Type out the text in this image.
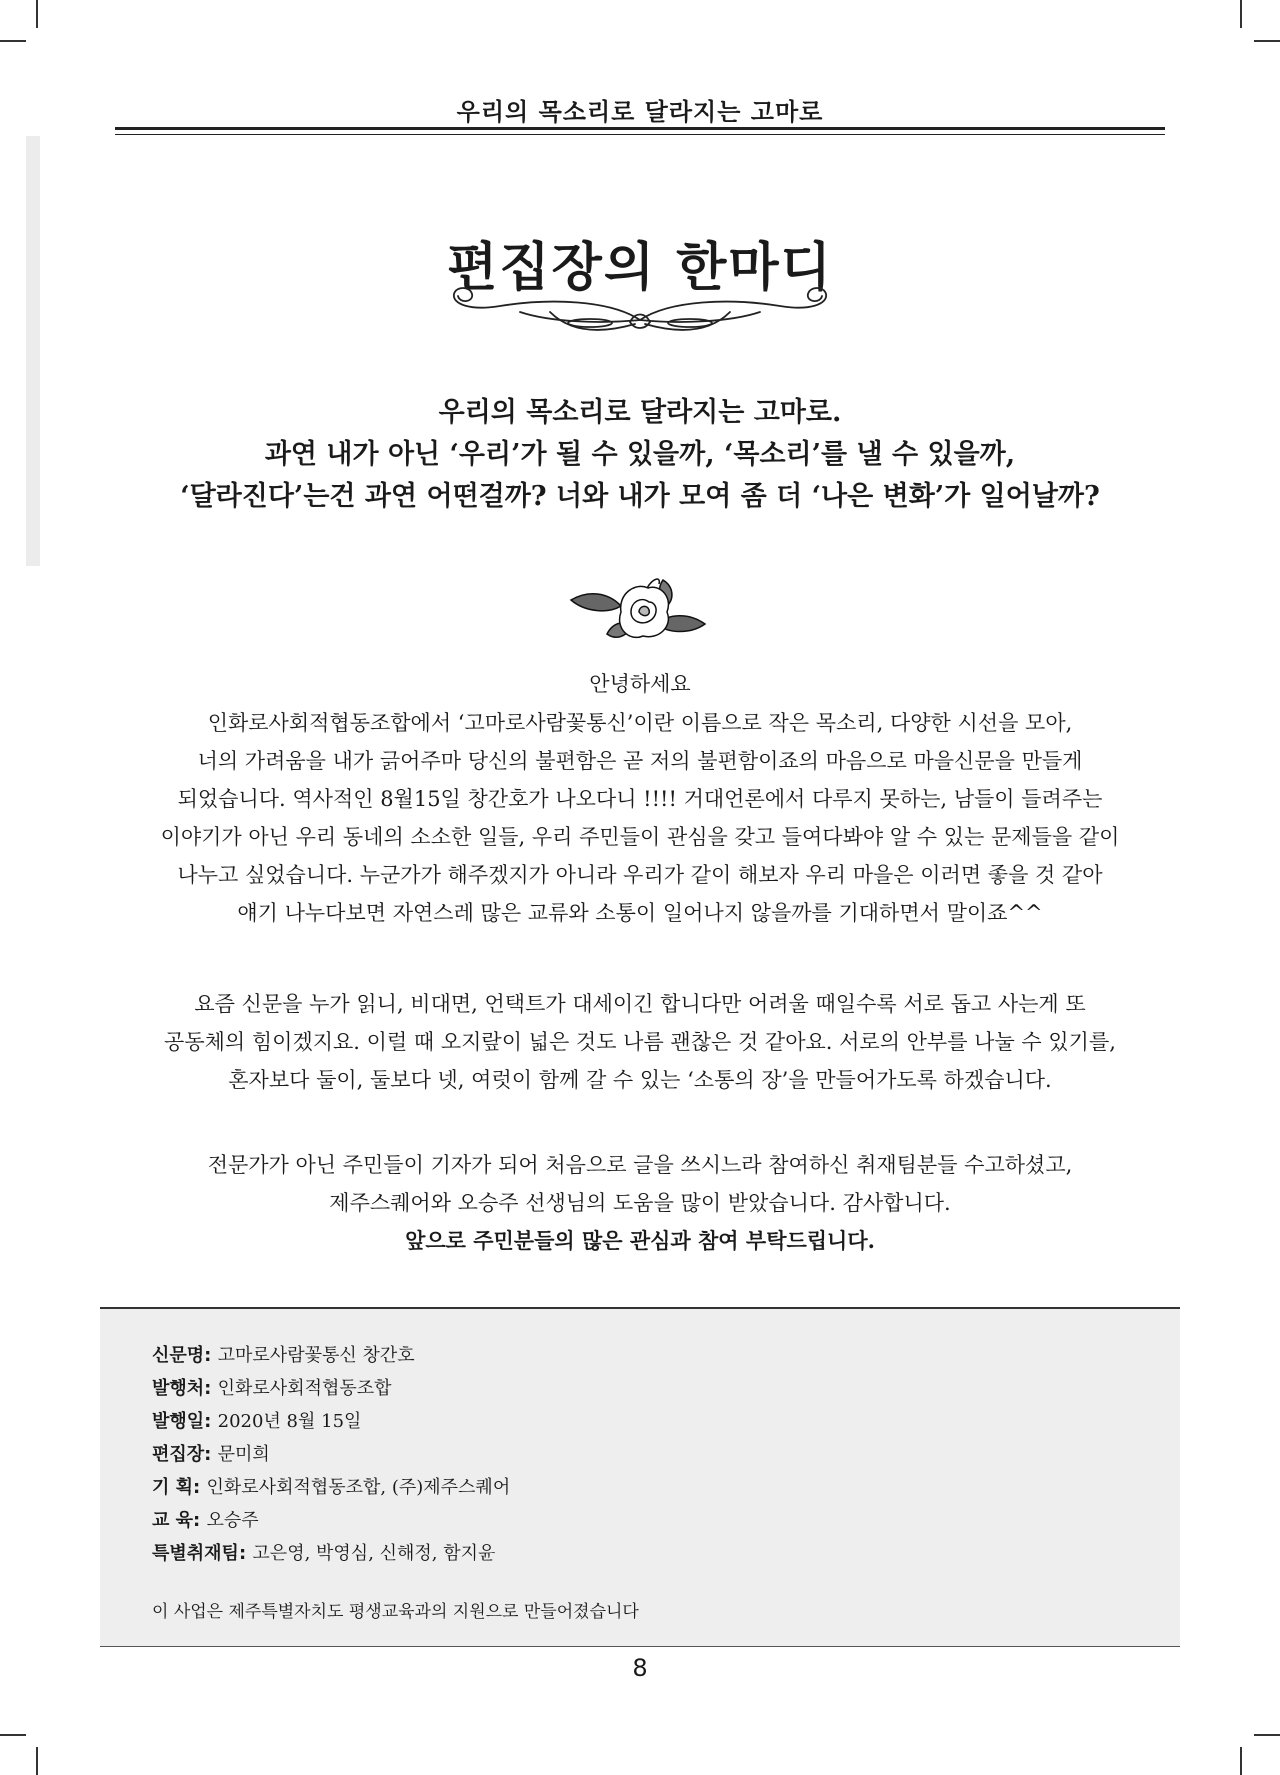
우리의 목소리로 달라지는 고마로
편집장의 한마디
우리의 목소리로 달라지는 고마로.
과연 내가 아닌 ‘우리’가 될 수 있을까, ‘목소리’를 낼 수 있을까,
‘달라진다’는건 과연 어떤걸까? 너와 내가 모여 좀 더 ‘나은 변화’가 일어날까?
안녕하세요
인화로사회적협동조합에서 ‘고마로사람꽃통신’이란 이름으로 작은 목소리, 다양한 시선을 모아,
너의 가려움을 내가 긁어주마 당신의 불편함은 곧 저의 불편함이죠의 마음으로 마을신문을 만들게
되었습니다. 역사적인 8월15일 창간호가 나오다니 !!!! 거대언론에서 다루지 못하는, 남들이 들려주는
이야기가 아닌 우리 동네의 소소한 일들, 우리 주민들이 관심을 갖고 들여다봐야 알 수 있는 문제들을 같이
나누고 싶었습니다. 누군가가 해주겠지가 아니라 우리가 같이 해보자 우리 마을은 이러면 좋을 것 같아
얘기 나누다보면 자연스레 많은 교류와 소통이 일어나지 않을까를 기대하면서 말이죠^^
요즘 신문을 누가 읽니, 비대면, 언택트가 대세이긴 합니다만 어려울 때일수록 서로 돕고 사는게 또
공동체의 힘이겠지요. 이럴 때 오지랖이 넓은 것도 나름 괜찮은 것 같아요. 서로의 안부를 나눌 수 있기를,
혼자보다 둘이, 둘보다 넷, 여럿이 함께 갈 수 있는 ‘소통의 장’을 만들어가도록 하겠습니다.
전문가가 아닌 주민들이 기자가 되어 처음으로 글을 쓰시느라 참여하신 취재팀분들 수고하셨고,
제주스퀘어와 오승주 선생님의 도움을 많이 받았습니다. 감사합니다.
앞으로 주민분들의 많은 관심과 참여 부탁드립니다.
신문명: 고마로사람꽃통신 창간호
발행처: 인화로사회적협동조합
발행일: 2020년 8월 15일
편집장: 문미희
기 획: 인화로사회적협동조합, (주)제주스퀘어
교 육: 오승주
특별취재팀: 고은영, 박영심, 신해정, 함지윤
이 사업은 제주특별자치도 평생교육과의 지원으로 만들어졌습니다
8
